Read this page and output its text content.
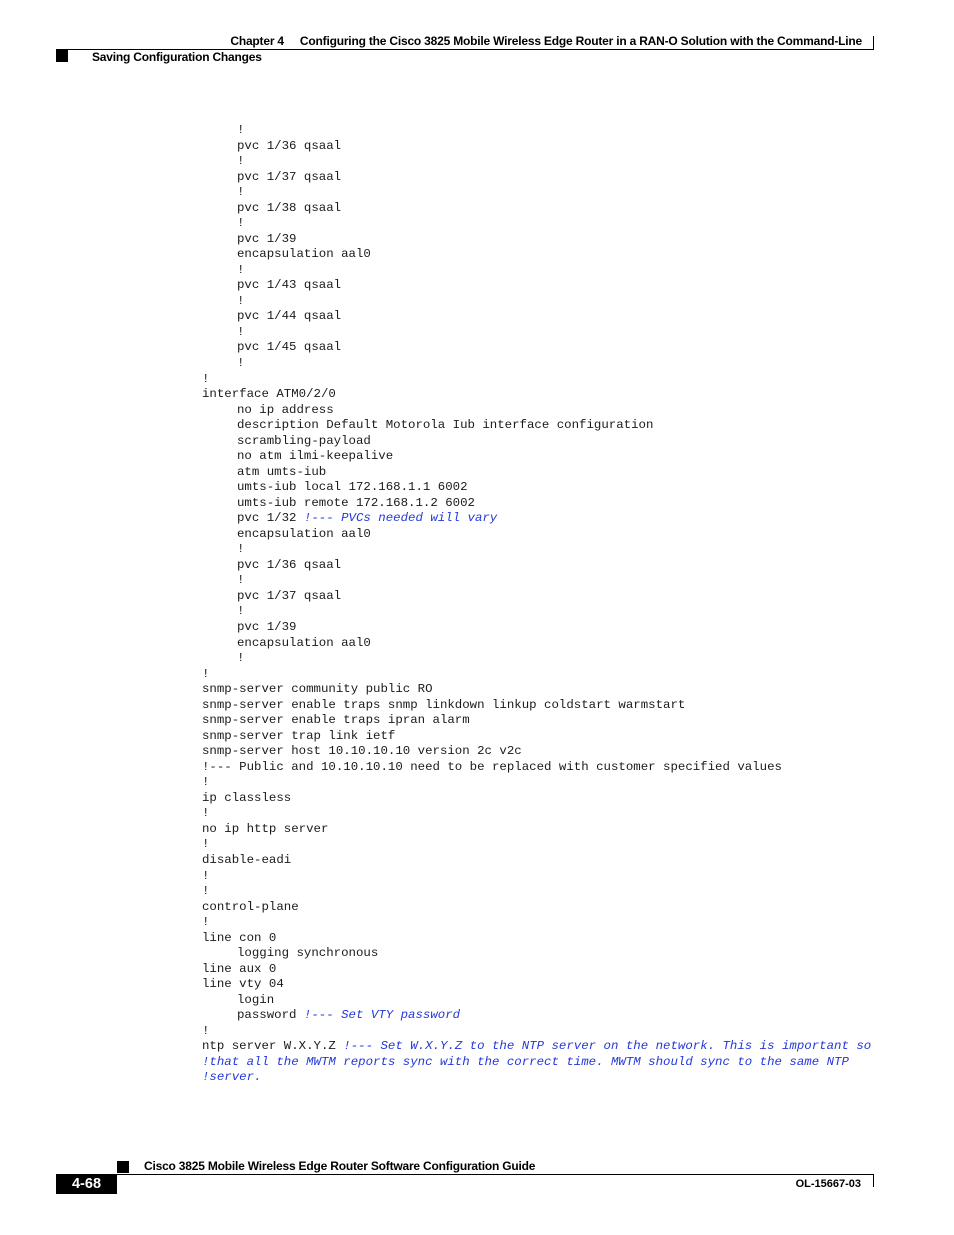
Chapter 4 Configuring the Cisco 3825 Mobile Wireless Edge Router in a RAN-O Solution with the Command-Line
Saving Configuration Changes
!
pvc 1/36 qsaal
!
pvc 1/37 qsaal
!
pvc 1/38 qsaal
!
pvc 1/39
encapsulation aal0
!
pvc 1/43 qsaal
!
pvc 1/44 qsaal
!
pvc 1/45 qsaal
!
!
interface ATM0/2/0
no ip address
description Default Motorola Iub interface configuration
scrambling-payload
no atm ilmi-keepalive
atm umts-iub
umts-iub local 172.168.1.1 6002
umts-iub remote 172.168.1.2 6002
pvc 1/32 !--- PVCs needed will vary
encapsulation aal0
!
pvc 1/36 qsaal
!
pvc 1/37 qsaal
!
pvc 1/39
encapsulation aal0
!
!
snmp-server community public RO
snmp-server enable traps snmp linkdown linkup coldstart warmstart
snmp-server enable traps ipran alarm
snmp-server trap link ietf
snmp-server host 10.10.10.10 version 2c v2c
!--- Public and 10.10.10.10 need to be replaced with customer specified values
!
ip classless
!
no ip http server
!
disable-eadi
!
!
control-plane
!
line con 0
logging synchronous
line aux 0
line vty 04
login
password !--- Set VTY password
!
ntp server W.X.Y.Z !--- Set W.X.Y.Z to the NTP server on the network. This is important so
!that all the MWTM reports sync with the correct time. MWTM should sync to the same NTP
!server.
Cisco 3825 Mobile Wireless Edge Router Software Configuration Guide
4-68	OL-15667-03
